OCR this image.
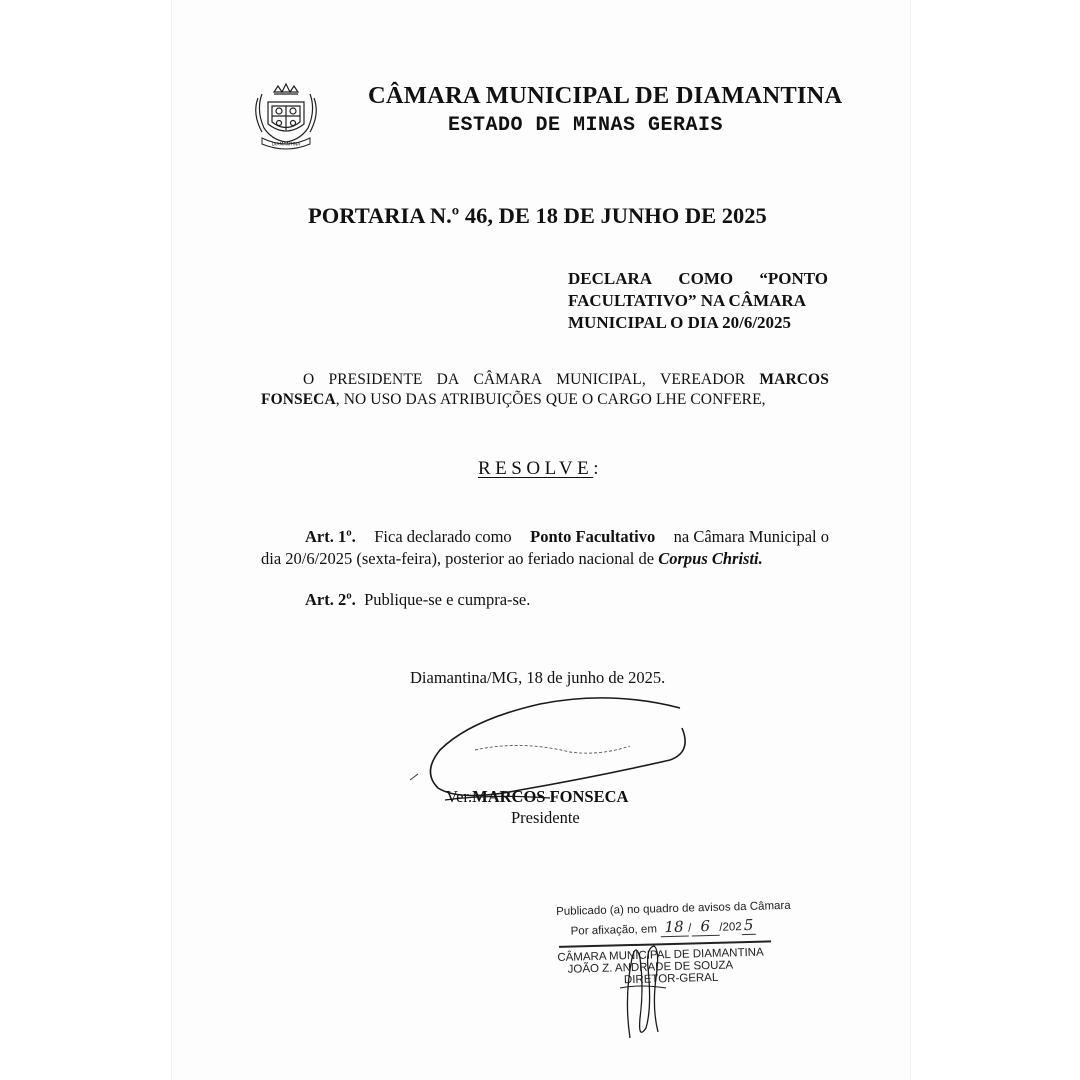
DIAMANTINA
CÂMARA MUNICIPAL DE DIAMANTINA
ESTADO DE MINAS GERAIS
PORTARIA N.º 46, DE 18 DE JUNHO DE 2025
DECLARA COMO “PONTO
FACULTATIVO” NA CÂMARA
MUNICIPAL O DIA 20/6/2025
O PRESIDENTE DA CÂMARA MUNICIPAL, VEREADOR MARCOS
FONSECA, NO USO DAS ATRIBUIÇÕES QUE O CARGO LHE CONFERE,
RESOLVE:
Art. 1º. Fica declarado como Ponto Facultativo na Câmara Municipal o
dia 20/6/2025 (sexta-feira), posterior ao feriado nacional de Corpus Christi.
Art. 2º. Publique-se e cumpra-se.
Diamantina/MG, 18 de junho de 2025.
Ver.MARCOS FONSECA
Presidente
Publicado (a) no quadro de avisos da Câmara
Por afixação, em 18 / 6 /202 5
CÂMARA MUNICIPAL DE DIAMANTINA
JOÃO Z. ANDRADE DE SOUZA
DIRETOR-GERAL
